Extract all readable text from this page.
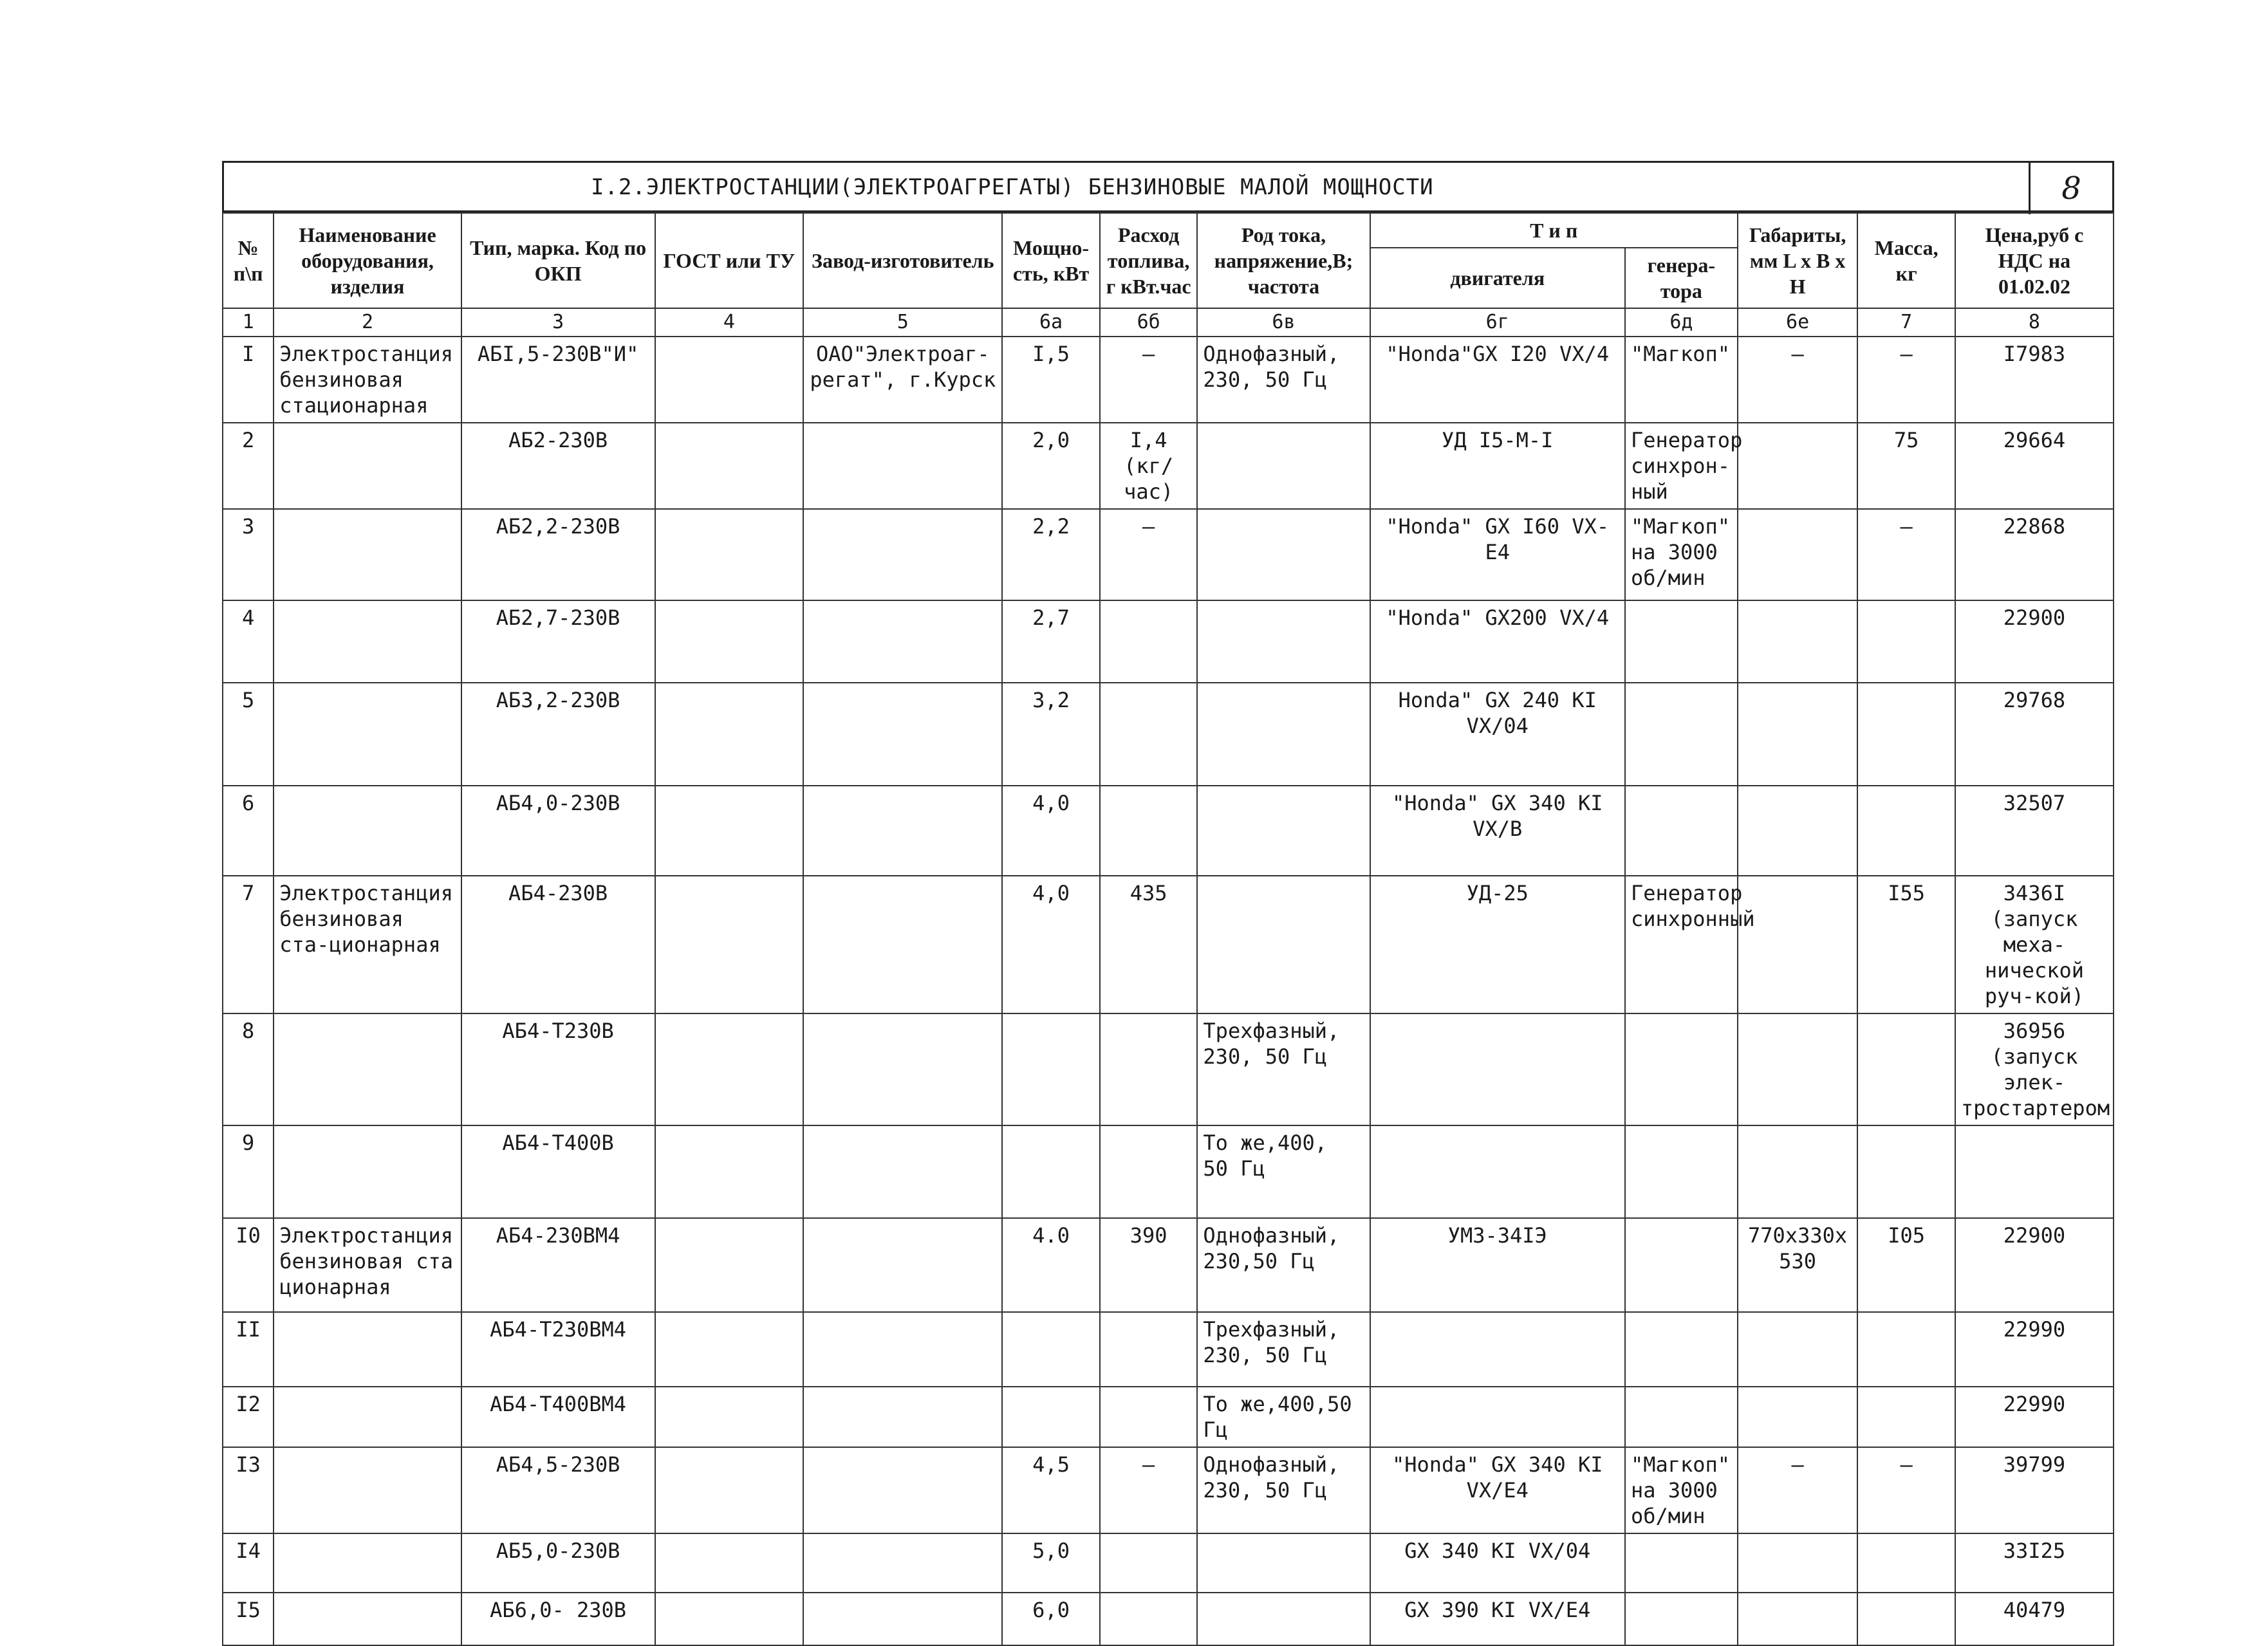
I.2.ЭЛЕКТРОСТАНЦИИ(ЭЛЕКТРОАГРЕГАТЫ) БЕНЗИНОВЫЕ МАЛОЙ МОЩНОСТИ	8
№ п\п	Наименование оборудования, изделия	Тип, марка. Код по ОКП	ГОСТ или ТУ	Завод-изготовитель	Мощно-сть, кВт	Расход топлива, г кВт.час	Род тока, напряжение,В; частота	Т и п		Габариты, мм L x B x H	Масса, кг	Цена,руб с НДС на 01.02.02
								двигателя	генера-тора			
1	2	3	4	5	6а	6б	6в	6г	6д	6е	7	8
I	Электростанция бензиновая стационарная	АБI,5-230В"И"		ОАО"Электроаг-регат", г.Курск	I,5	–	Однофазный, 230, 50 Гц	"Honda"GX I20 VX/4	"Магкоп"	–	–	I7983
2		АБ2-230В			2,0	I,4 (кг/час)		УД I5-М-I	Генератор синхрон-ный		75	29664
3		АБ2,2-230В			2,2	–		"Honda" GX I60 VX-E4	"Магкоп" на 3000 об/мин		–	22868
4		АБ2,7-230В			2,7			"Honda" GX200 VX/4				22900
5		АБ3,2-230В			3,2			Honda" GX 240 KI VX/04				29768
6		АБ4,0-230В			4,0			"Honda" GX 340 KI VX/B				32507
7	Электростанция бензиновая ста-ционарная	АБ4-230В			4,0	435		УД-25	Генератор синхронный		I55	3436I (запуск меха-нической руч-кой)
8		АБ4-Т230В					Трехфазный, 230, 50 Гц					36956 (запуск элек-тростартером
9		АБ4-Т400В					То же,400, 50 Гц					
I0	Электростанция бензиновая ста ционарная	АБ4-230ВМ4			4.0	390	Однофазный, 230,50 Гц	УМЗ-34IЭ		770х330х 530	I05	22900
II		АБ4-Т230ВМ4					Трехфазный, 230, 50 Гц					22990
I2		АБ4-Т400ВМ4					То же,400,50 Гц					22990
I3		АБ4,5-230В			4,5	–	Однофазный, 230, 50 Гц	"Honda" GX 340 KI VX/E4	"Магкоп" на 3000 об/мин	–	–	39799
I4		АБ5,0-230В			5,0			GX 340 KI VX/04				33I25
I5		АБ6,0- 230В			6,0			GX 390 KI VX/E4				40479
